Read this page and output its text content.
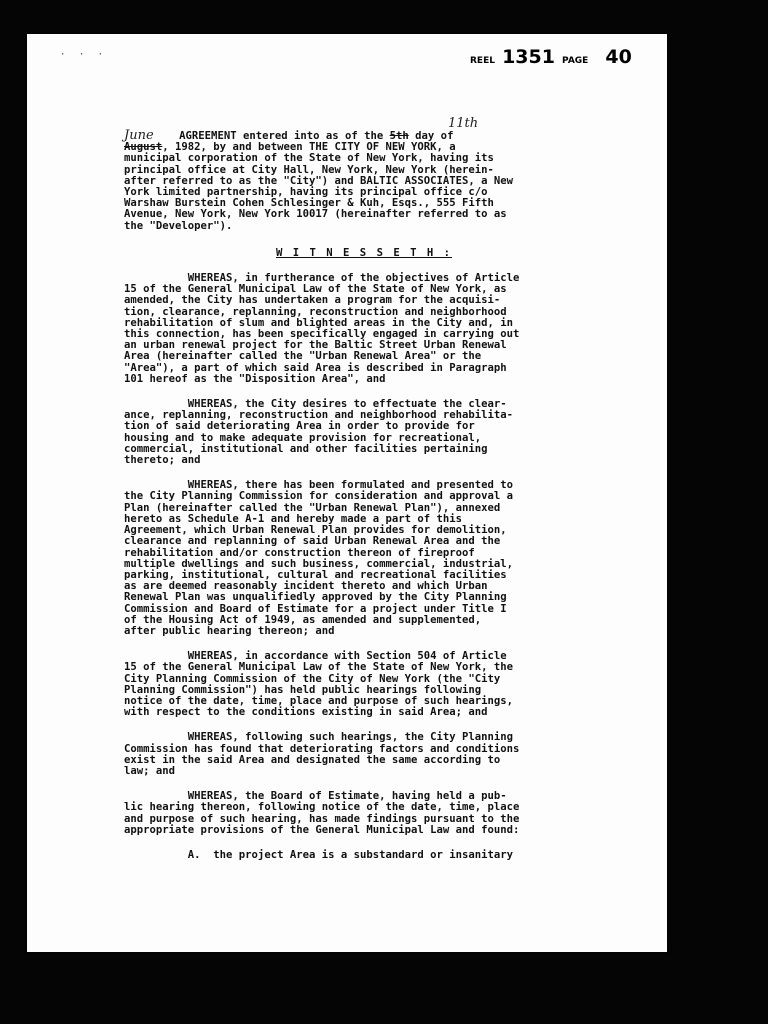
· · ·
REEL 1351 PAGE 40
11th
June AGREEMENT entered into as of the 5th day of
August, 1982, by and between THE CITY OF NEW YORK, a
municipal corporation of the State of New York, having its
principal office at City Hall, New York, New York (herein-
after referred to as the "City") and BALTIC ASSOCIATES, a New
York limited partnership, having its principal office c/o
Warshaw Burstein Cohen Schlesinger & Kuh, Esqs., 555 Fifth
Avenue, New York, New York 10017 (hereinafter referred to as
the "Developer").
W I T N E S S E T H :
WHEREAS, in furtherance of the objectives of Article
15 of the General Municipal Law of the State of New York, as
amended, the City has undertaken a program for the acquisi-
tion, clearance, replanning, reconstruction and neighborhood
rehabilitation of slum and blighted areas in the City and, in
this connection, has been specifically engaged in carrying out
an urban renewal project for the Baltic Street Urban Renewal
Area (hereinafter called the "Urban Renewal Area" or the
"Area"), a part of which said Area is described in Paragraph
101 hereof as the "Disposition Area", and
WHEREAS, the City desires to effectuate the clear-
ance, replanning, reconstruction and neighborhood rehabilita-
tion of said deteriorating Area in order to provide for
housing and to make adequate provision for recreational,
commercial, institutional and other facilities pertaining
thereto; and
WHEREAS, there has been formulated and presented to
the City Planning Commission for consideration and approval a
Plan (hereinafter called the "Urban Renewal Plan"), annexed
hereto as Schedule A-1 and hereby made a part of this
Agreement, which Urban Renewal Plan provides for demolition,
clearance and replanning of said Urban Renewal Area and the
rehabilitation and/or construction thereon of fireproof
multiple dwellings and such business, commercial, industrial,
parking, institutional, cultural and recreational facilities
as are deemed reasonably incident thereto and which Urban
Renewal Plan was unqualifiedly approved by the City Planning
Commission and Board of Estimate for a project under Title I
of the Housing Act of 1949, as amended and supplemented,
after public hearing thereon; and
WHEREAS, in accordance with Section 504 of Article
15 of the General Municipal Law of the State of New York, the
City Planning Commission of the City of New York (the "City
Planning Commission") has held public hearings following
notice of the date, time, place and purpose of such hearings,
with respect to the conditions existing in said Area; and
WHEREAS, following such hearings, the City Planning
Commission has found that deteriorating factors and conditions
exist in the said Area and designated the same according to
law; and
WHEREAS, the Board of Estimate, having held a pub-
lic hearing thereon, following notice of the date, time, place
and purpose of such hearing, has made findings pursuant to the
appropriate provisions of the General Municipal Law and found:
A.  the project Area is a substandard or insanitary
